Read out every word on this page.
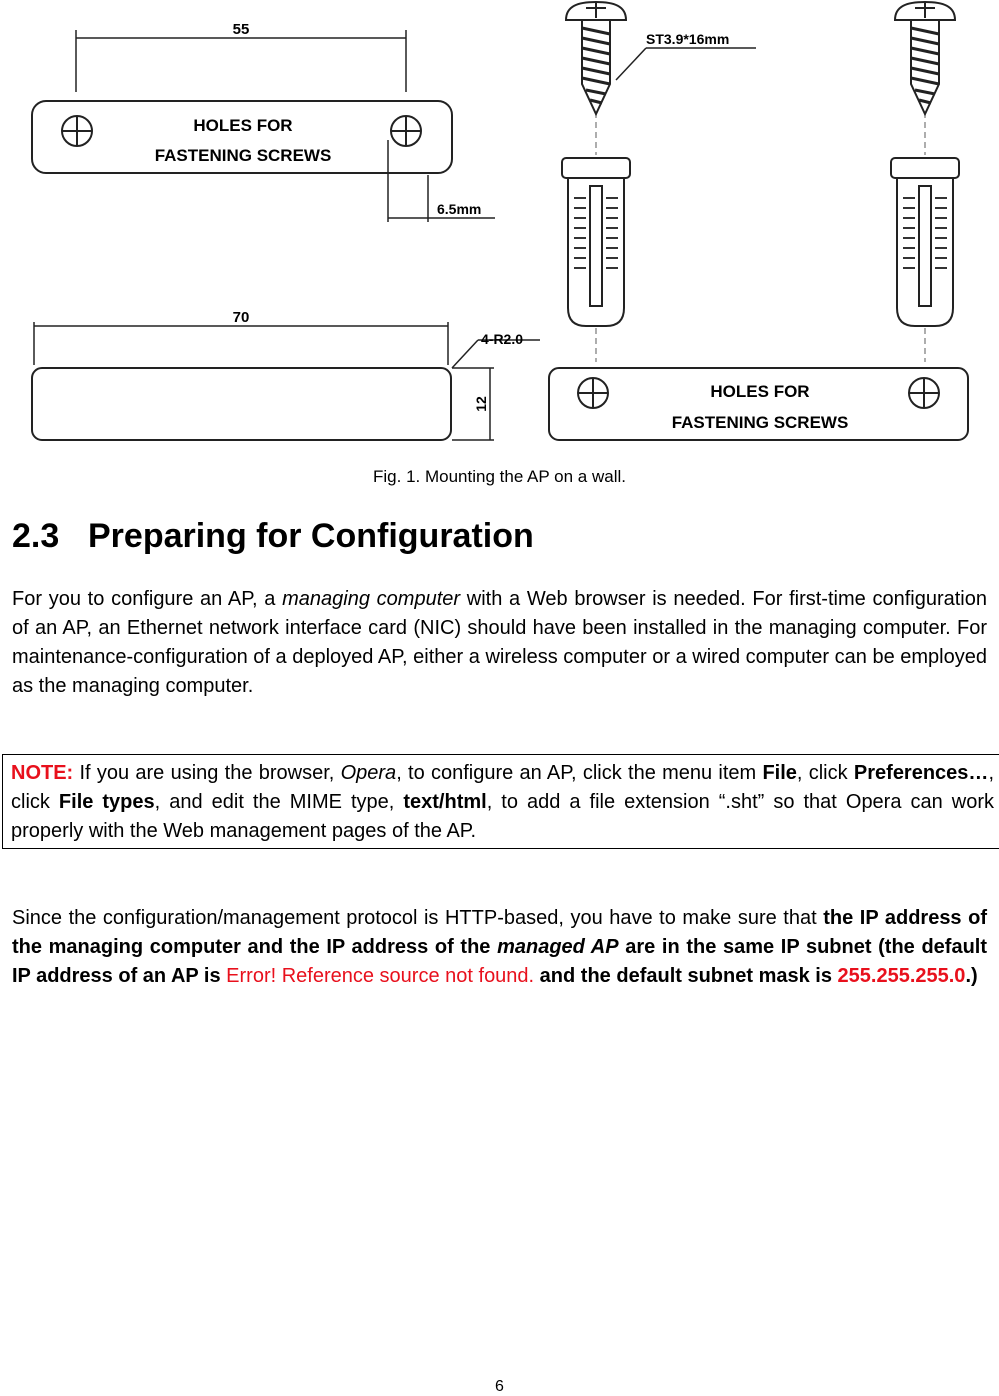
55
HOLES FOR
FASTENING SCREWS
6.5mm
70
4-R2.0
12
ST3.9*16mm
HOLES FOR
FASTENING SCREWS
Fig. 1. Mounting the AP on a wall.
2.3 Preparing for Configuration

For you to configure an AP, a managing computer with a Web browser is needed. For first-time configuration of an AP, an Ethernet network interface card (NIC) should have been installed in the managing computer. For maintenance-configuration of a deployed AP, either a wireless computer or a wired computer can be employed as the managing computer.

NOTE: If you are using the browser, Opera, to configure an AP, click the menu item File, click Preferences…, click File types, and edit the MIME type, text/html, to add a file extension “.sht” so that Opera can work properly with the Web management pages of the AP.

Since the configuration/management protocol is HTTP-based, you have to make sure that the IP address of the managing computer and the IP address of the managed AP are in the same IP subnet (the default IP address of an AP is Error! Reference source not found. and the default subnet mask is 255.255.255.0.)

6
